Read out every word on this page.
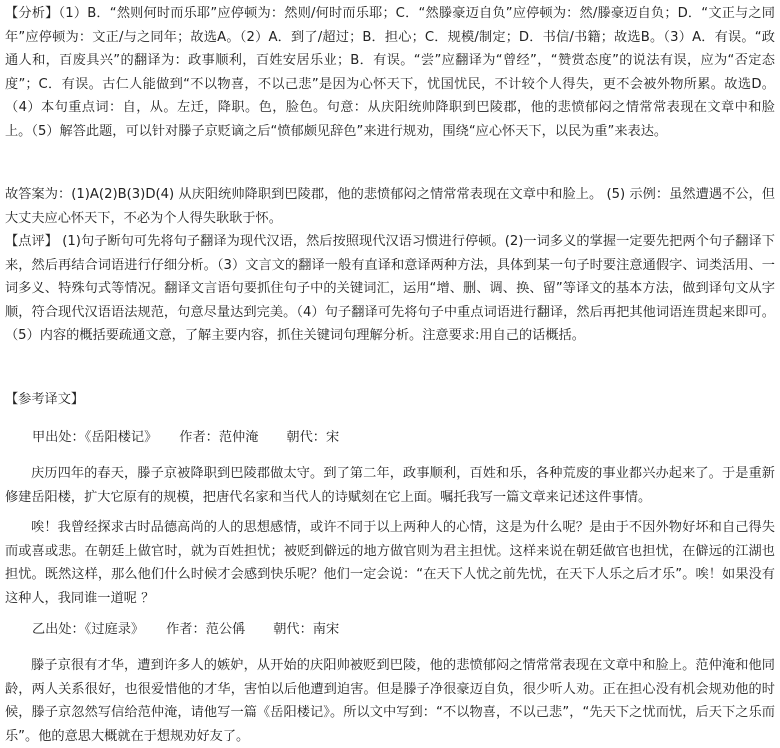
【分析】（1）B．“然则何时而乐耶”应停顿为：然则/何时而乐耶；C．“然滕豪迈自负”应停顿为：然/滕豪迈自负；D．“文正与之同年”应停顿为：文正/与之同年；故选A。（2）A．到了/超过；B．担心；C．规模/制定；D．书信/书籍；故选B。（3）A．有误。“政通人和，百废具兴”的翻译为：政事顺利，百姓安居乐业；B．有误。“尝”应翻译为“曾经”，“赞赏态度”的说法有误，应为“否定态度”；C．有误。古仁人能做到“不以物喜，不以己悲”是因为心怀天下，忧国忧民，不计较个人得失，更不会被外物所累。故选D。（4）本句重点词：自，从。左迁，降职。色，脸色。句意：从庆阳统帅降职到巴陵郡，他的悲愤郁闷之情常常表现在文章中和脸上。（5）解答此题，可以针对滕子京贬谪之后“愤郁颇见辞色”来进行规劝，围绕“应心怀天下，以民为重”来表达。

故答案为：(1)A(2)B(3)D(4) 从庆阳统帅降职到巴陵郡，他的悲愤郁闷之情常常表现在文章中和脸上。 (5) 示例：虽然遭遇不公，但大丈夫应心怀天下，不必为个人得失耿耿于怀。

【点评】 (1)句子断句可先将句子翻译为现代汉语，然后按照现代汉语习惯进行停顿。(2)一词多义的掌握一定要先把两个句子翻译下来，然后再结合词语进行仔细分析。（3）文言文的翻译一般有直译和意译两种方法，具体到某一句子时要注意通假字、词类活用、一词多义、特殊句式等情况。翻译文言语句要抓住句子中的关键词汇，运用“增、删、调、换、留”等译文的基本方法，做到译句文从字顺，符合现代汉语语法规范，句意尽量达到完美。（4）句子翻译可先将句子中重点词语进行翻译，然后再把其他词语连贯起来即可。（5）内容的概括要疏通文意，了解主要内容，抓住关键词句理解分析。注意要求:用自己的话概括。

【参考译文】

甲出处：《岳阳楼记》 作者：范仲淹 朝代：宋

庆历四年的春天，滕子京被降职到巴陵郡做太守。到了第二年，政事顺利，百姓和乐，各种荒废的事业都兴办起来了。于是重新修建岳阳楼，扩大它原有的规模，把唐代名家和当代人的诗赋刻在它上面。嘱托我写一篇文章来记述这件事情。

唉！我曾经探求古时品德高尚的人的思想感情，或许不同于以上两种人的心情，这是为什么呢？是由于不因外物好坏和自己得失而或喜或悲。在朝廷上做官时，就为百姓担忧；被贬到僻远的地方做官则为君主担忧。这样来说在朝廷做官也担忧，在僻远的江湖也担忧。既然这样，那么他们什么时候才会感到快乐呢？他们一定会说：“在天下人忧之前先忧，在天下人乐之后才乐”。唉！如果没有这种人，我同谁一道呢 ？

乙出处：《过庭录》 作者：范公偁 朝代：南宋

滕子京很有才华，遭到许多人的嫉妒，从开始的庆阳帅被贬到巴陵，他的悲愤郁闷之情常常表现在文章中和脸上。范仲淹和他同龄，两人关系很好，也很爱惜他的才华，害怕以后他遭到迫害。但是滕子净很豪迈自负，很少听人劝。正在担心没有机会规劝他的时候，滕子京忽然写信给范仲淹，请他写一篇《岳阳楼记》。所以文中写到：“不以物喜，不以己悲”，“先天下之忧而忧，后天下之乐而乐”。他的意思大概就在于想规劝好友了。
